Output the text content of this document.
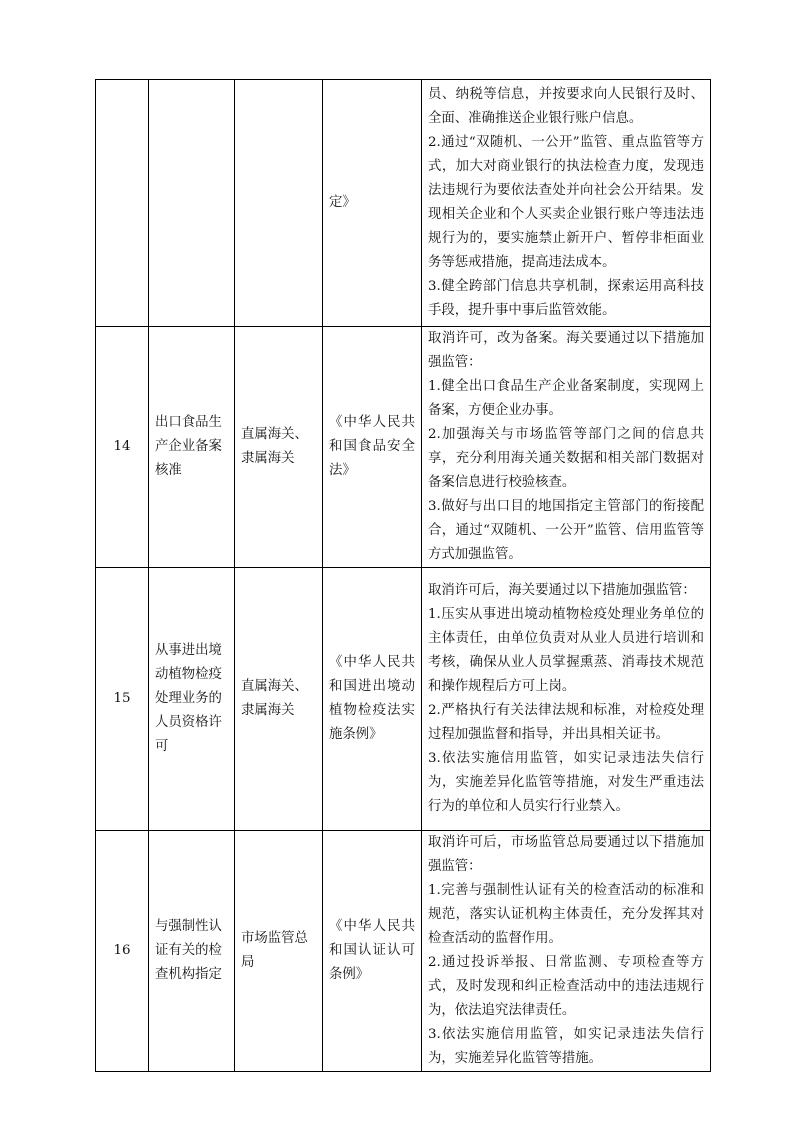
			定》	员、纳税等信息，并按要求向人民银行及时、全面、准确推送企业银行账户信息。

2.通过“双随机、一公开”监管、重点监管等方式，加大对商业银行的执法检查力度，发现违法违规行为要依法查处并向社会公开结果。发现相关企业和个人买卖企业银行账户等违法违规行为的，要实施禁止新开户、暂停非柜面业务等惩戒措施，提高违法成本。

3.健全跨部门信息共享机制，探索运用高科技手段，提升事中事后监管效能。

14	出口食品生产企业备案核准	直属海关、隶属海关	《中华人民共和国食品安全法》	取消许可，改为备案。海关要通过以下措施加强监管：

1.健全出口食品生产企业备案制度，实现网上备案，方便企业办事。

2.加强海关与市场监管等部门之间的信息共享，充分利用海关通关数据和相关部门数据对备案信息进行校验核查。

3.做好与出口目的地国指定主管部门的衔接配合，通过“双随机、一公开”监管、信用监管等方式加强监管。

15	从事进出境动植物检疫处理业务的人员资格许可	直属海关、隶属海关	《中华人民共和国进出境动植物检疫法实施条例》	取消许可后，海关要通过以下措施加强监管：

1.压实从事进出境动植物检疫处理业务单位的主体责任，由单位负责对从业人员进行培训和考核，确保从业人员掌握熏蒸、消毒技术规范和操作规程后方可上岗。

2.严格执行有关法律法规和标准，对检疫处理过程加强监督和指导，并出具相关证书。

3.依法实施信用监管，如实记录违法失信行为，实施差异化监管等措施，对发生严重违法行为的单位和人员实行行业禁入。

16	与强制性认证有关的检查机构指定	市场监管总局	《中华人民共和国认证认可条例》	取消许可后，市场监管总局要通过以下措施加强监管：

1.完善与强制性认证有关的检查活动的标准和规范，落实认证机构主体责任，充分发挥其对检查活动的监督作用。

2.通过投诉举报、日常监测、专项检查等方式，及时发现和纠正检查活动中的违法违规行为，依法追究法律责任。

3.依法实施信用监管，如实记录违法失信行为，实施差异化监管等措施。
